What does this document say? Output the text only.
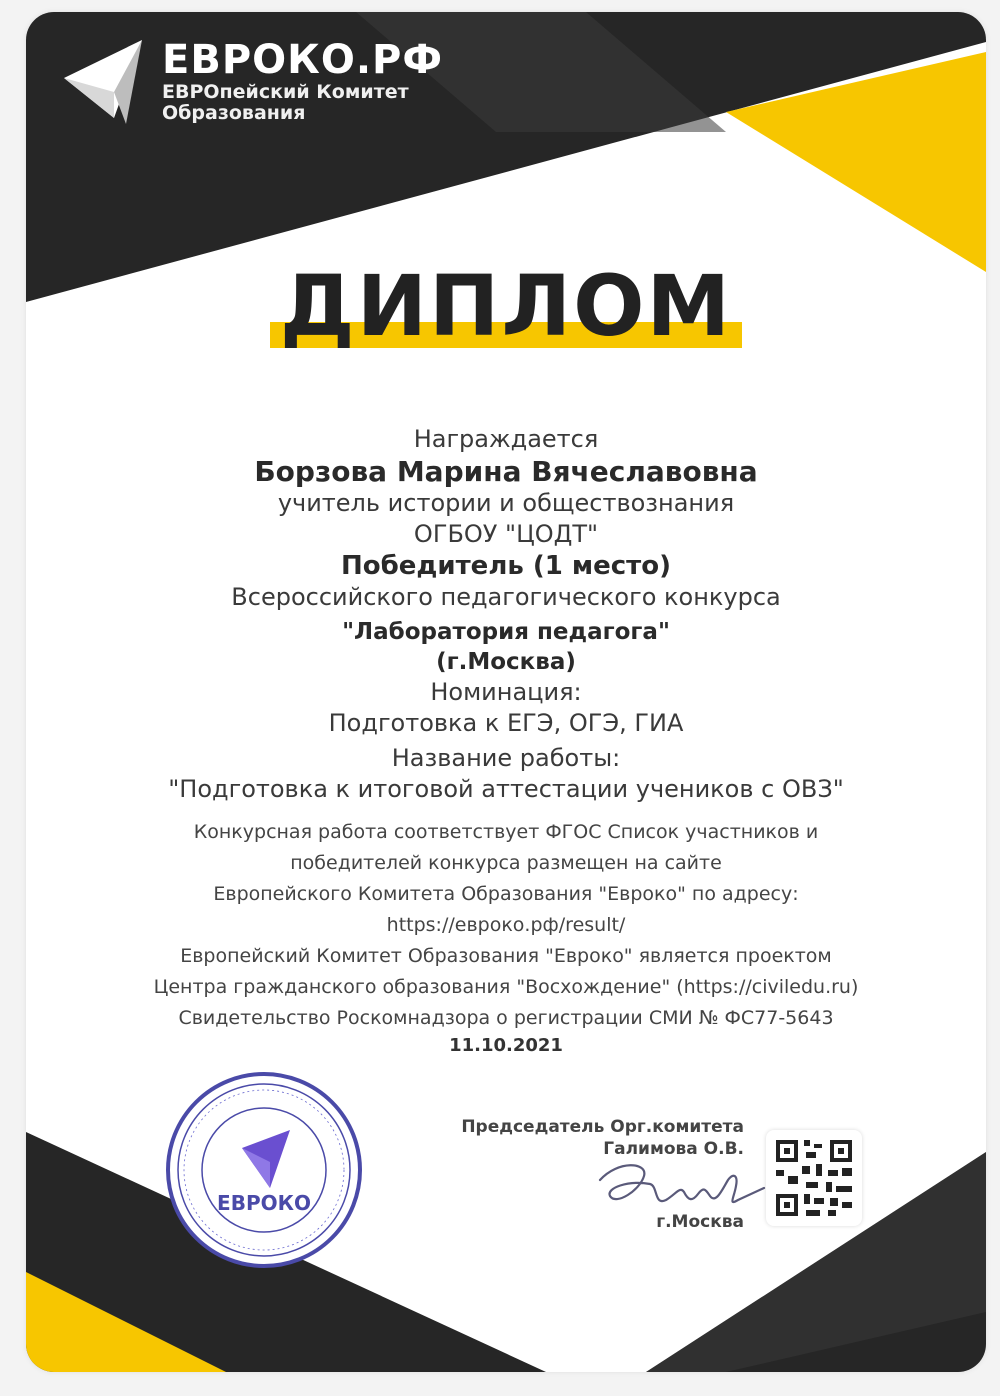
ЕВРОКО.РФ
ЕВРОпейский Комитет
Образования
ДИПЛОМ
Награждается
Борзова Марина Вячеславовна
учитель истории и обществознания
ОГБОУ "ЦОДТ"
Победитель (1 место)
Всероссийского педагогического конкурса
"Лаборатория педагога"
(г.Москва)
Номинация:
Подготовка к ЕГЭ, ОГЭ, ГИА
Название работы:
"Подготовка к итоговой аттестации учеников с ОВЗ"
Конкурсная работа соответствует ФГОС Список участников и
победителей конкурса размещен на сайте
Европейского Комитета Образования "Евроко" по адресу:
https://евроко.рф/result/
Европейский Комитет Образования "Евроко" является проектом
Центра гражданского образования "Восхождение" (https://civiledu.ru)
Свидетельство Роскомнадзора о регистрации СМИ № ФС77-5643
11.10.2021
ЕВРОКО
Председатель Орг.комитета
Галимова О.В.
г.Москва
